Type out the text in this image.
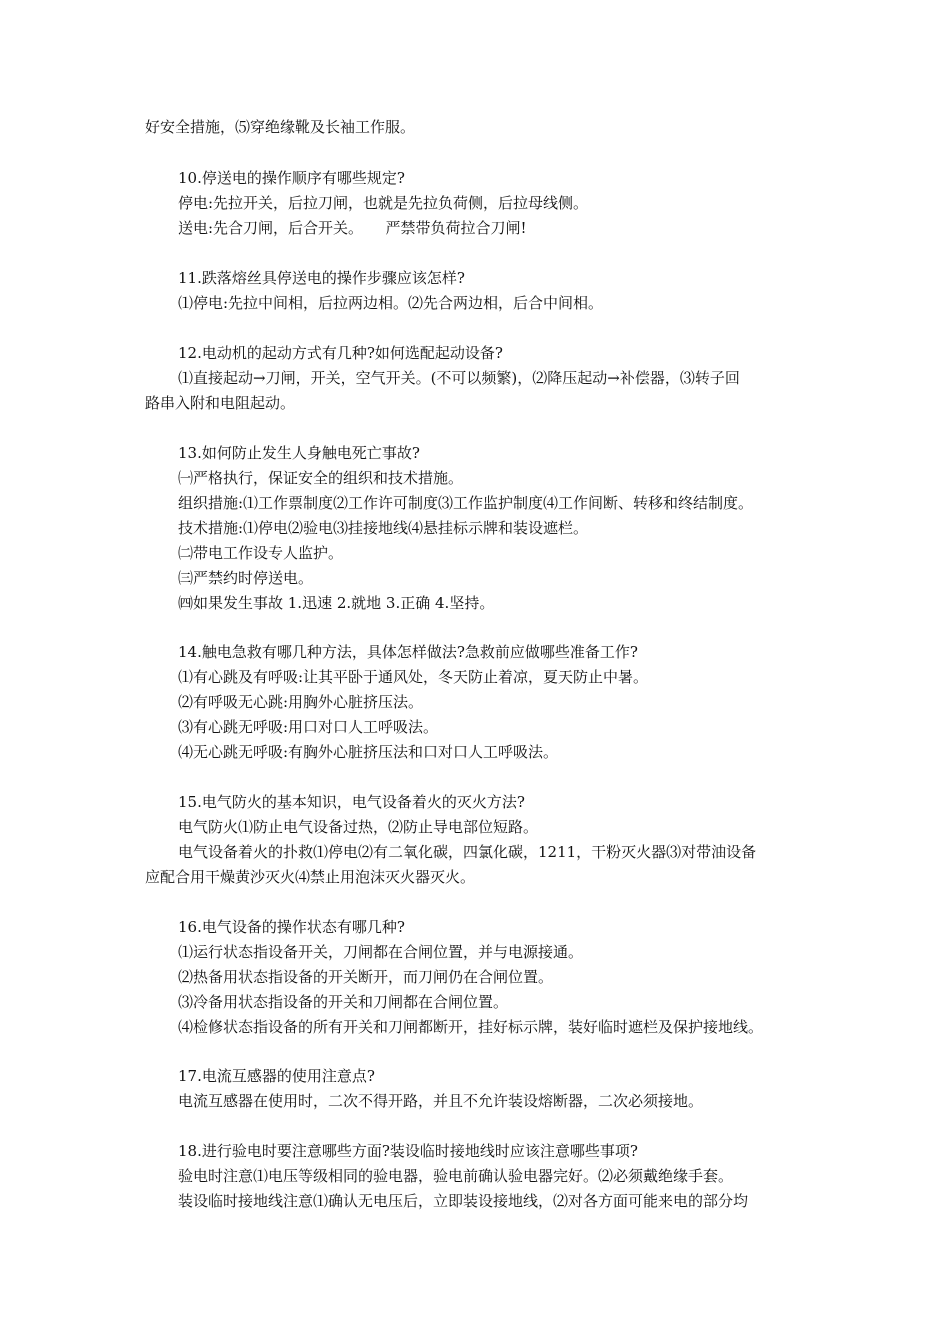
好安全措施，⑸穿绝缘靴及长袖工作服。

10.停送电的操作顺序有哪些规定?

停电:先拉开关，后拉刀闸，也就是先拉负荷侧，后拉母线侧。

送电:先合刀闸，后合开关。　　严禁带负荷拉合刀闸!

11.跌落熔丝具停送电的操作步骤应该怎样?

⑴停电:先拉中间相，后拉两边相。⑵先合两边相，后合中间相。

12.电动机的起动方式有几种?如何选配起动设备?

⑴直接起动→刀闸，开关，空气开关。(不可以频繁)，⑵降压起动→补偿器，⑶转子回

路串入附和电阻起动。

13.如何防止发生人身触电死亡事故?

㈠严格执行，保证安全的组织和技术措施。

组织措施:⑴工作票制度⑵工作许可制度⑶工作监护制度⑷工作间断、转移和终结制度。

技术措施:⑴停电⑵验电⑶挂接地线⑷悬挂标示牌和装设遮栏。

㈡带电工作设专人监护。

㈢严禁约时停送电。

㈣如果发生事故 1.迅速 2.就地 3.正确 4.坚持。

14.触电急救有哪几种方法，具体怎样做法?急救前应做哪些准备工作?

⑴有心跳及有呼吸:让其平卧于通风处，冬天防止着凉，夏天防止中暑。

⑵有呼吸无心跳:用胸外心脏挤压法。

⑶有心跳无呼吸:用口对口人工呼吸法。

⑷无心跳无呼吸:有胸外心脏挤压法和口对口人工呼吸法。

15.电气防火的基本知识，电气设备着火的灭火方法?

电气防火⑴防止电气设备过热，⑵防止导电部位短路。

电气设备着火的扑救⑴停电⑵有二氧化碳，四氯化碳，1211，干粉灭火器⑶对带油设备

应配合用干燥黄沙灭火⑷禁止用泡沫灭火器灭火。

16.电气设备的操作状态有哪几种?

⑴运行状态指设备开关，刀闸都在合闸位置，并与电源接通。

⑵热备用状态指设备的开关断开，而刀闸仍在合闸位置。

⑶冷备用状态指设备的开关和刀闸都在合闸位置。

⑷检修状态指设备的所有开关和刀闸都断开，挂好标示牌，装好临时遮栏及保护接地线。

17.电流互感器的使用注意点?

电流互感器在使用时，二次不得开路，并且不允许装设熔断器，二次必须接地。

18.进行验电时要注意哪些方面?装设临时接地线时应该注意哪些事项?

验电时注意⑴电压等级相同的验电器，验电前确认验电器完好。⑵必须戴绝缘手套。

装设临时接地线注意⑴确认无电压后，立即装设接地线，⑵对各方面可能来电的部分均
